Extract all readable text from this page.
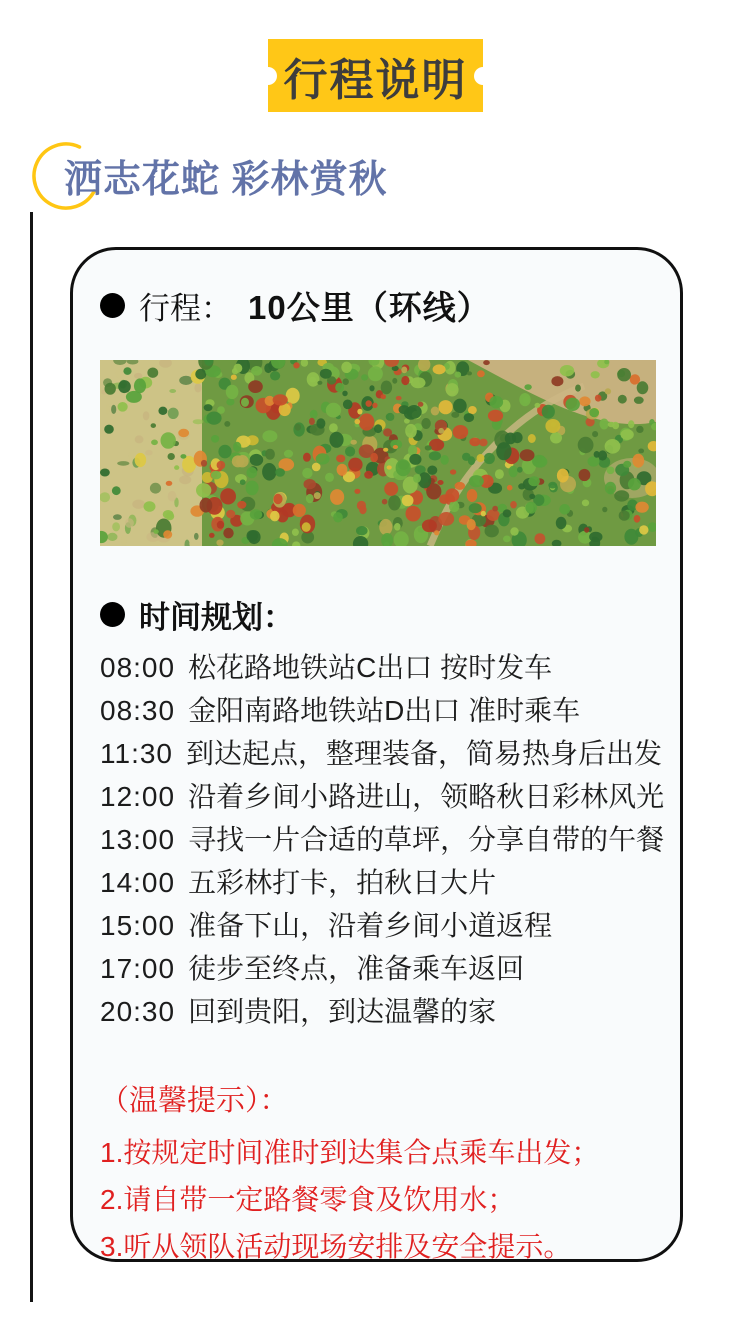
行程说明
洒志花蛇 彩林赏秋
行程： 10公里（环线）
时间规划：
08:00 松花路地铁站C出口 按时发车
08:30 金阳南路地铁站D出口 准时乘车
11:30 到达起点，整理装备，简易热身后出发
12:00 沿着乡间小路进山，领略秋日彩林风光
13:00 寻找一片合适的草坪，分享自带的午餐
14:00 五彩林打卡，拍秋日大片
15:00 准备下山，沿着乡间小道返程
17:00 徒步至终点，准备乘车返回
20:30 回到贵阳，到达温馨的家
（温馨提示）：
1.按规定时间准时到达集合点乘车出发；
2.请自带一定路餐零食及饮用水；
3.听从领队活动现场安排及安全提示。
